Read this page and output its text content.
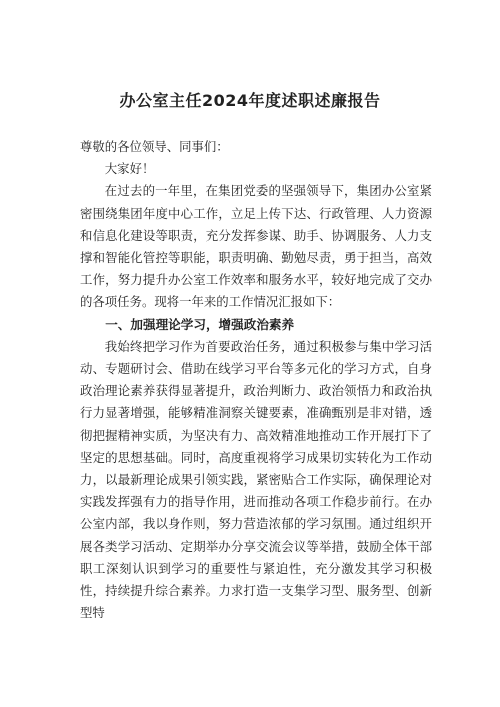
办公室主任2024年度述职述廉报告

尊敬的各位领导、同事们：

大家好！

在过去的一年里，在集团党委的坚强领导下，集团办公室紧密围绕集团年度中心工作，立足上传下达、行政管理、人力资源和信息化建设等职责，充分发挥参谋、助手、协调服务、人力支撑和智能化管控等职能，职责明确、勤勉尽责，勇于担当，高效工作，努力提升办公室工作效率和服务水平，较好地完成了交办的各项任务。现将一年来的工作情况汇报如下：

一、加强理论学习，增强政治素养

我始终把学习作为首要政治任务，通过积极参与集中学习活动、专题研讨会、借助在线学习平台等多元化的学习方式，自身政治理论素养获得显著提升，政治判断力、政治领悟力和政治执行力显著增强，能够精准洞察关键要素，准确甄别是非对错，透彻把握精神实质，为坚决有力、高效精准地推动工作开展打下了坚定的思想基础。同时，高度重视将学习成果切实转化为工作动力，以最新理论成果引领实践，紧密贴合工作实际，确保理论对实践发挥强有力的指导作用，进而推动各项工作稳步前行。在办公室内部，我以身作则，努力营造浓郁的学习氛围。通过组织开展各类学习活动、定期举办分享交流会议等举措，鼓励全体干部职工深刻认识到学习的重要性与紧迫性，充分激发其学习积极性，持续提升综合素养。力求打造一支集学习型、服务型、创新型特
